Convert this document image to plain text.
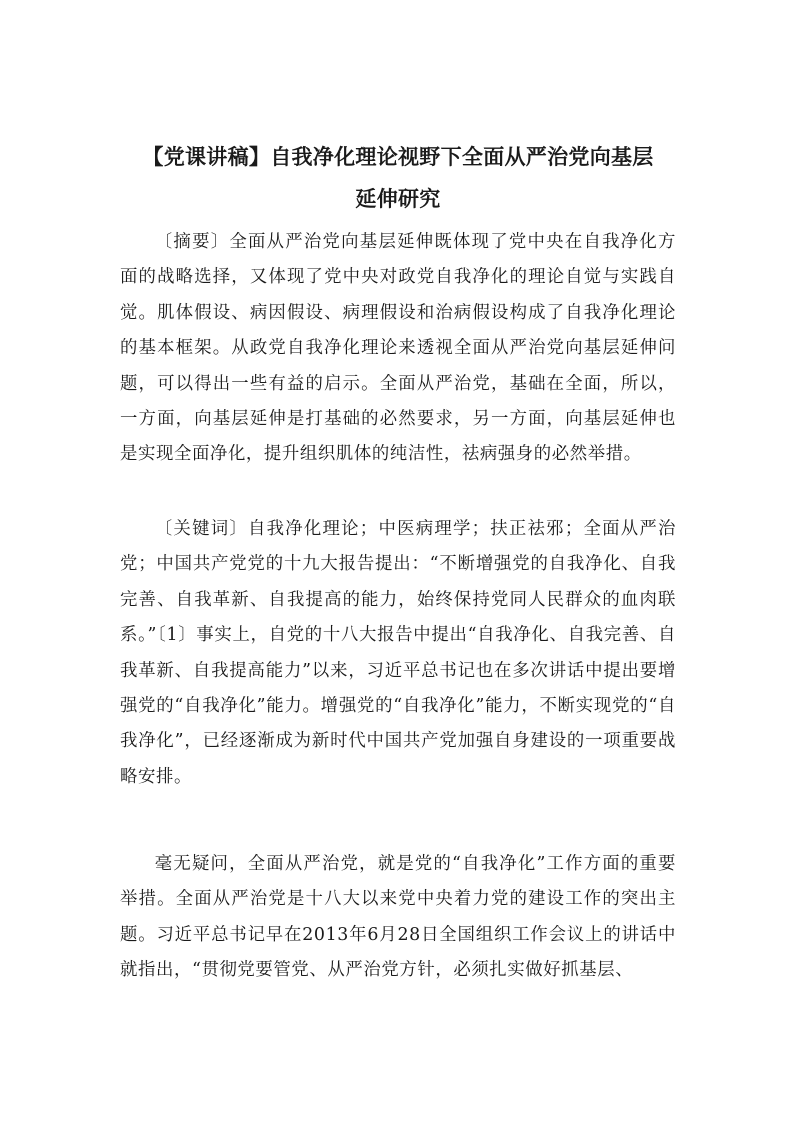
【党课讲稿】自我净化理论视野下全面从严治党向基层
延伸研究

〔摘要〕全面从严治党向基层延伸既体现了党中央在自我净化方面的战略选择，又体现了党中央对政党自我净化的理论自觉与实践自觉。肌体假设、病因假设、病理假设和治病假设构成了自我净化理论的基本框架。从政党自我净化理论来透视全面从严治党向基层延伸问题，可以得出一些有益的启示。全面从严治党，基础在全面，所以，一方面，向基层延伸是打基础的必然要求，另一方面，向基层延伸也是实现全面净化，提升组织肌体的纯洁性，祛病强身的必然举措。

〔关键词〕自我净化理论；中医病理学；扶正祛邪；全面从严治党；中国共产党党的十九大报告提出：“不断增强党的自我净化、自我完善、自我革新、自我提高的能力，始终保持党同人民群众的血肉联系。”〔1〕事实上，自党的十八大报告中提出“自我净化、自我完善、自我革新、自我提高能力”以来，习近平总书记也在多次讲话中提出要增强党的“自我净化”能力。增强党的“自我净化”能力，不断实现党的“自我净化”，已经逐渐成为新时代中国共产党加强自身建设的一项重要战略安排。

毫无疑问，全面从严治党，就是党的“自我净化”工作方面的重要举措。全面从严治党是十八大以来党中央着力党的建设工作的突出主题。习近平总书记早在2013年6月28日全国组织工作会议上的讲话中就指出，“贯彻党要管党、从严治党方针，必须扎实做好抓基层、
